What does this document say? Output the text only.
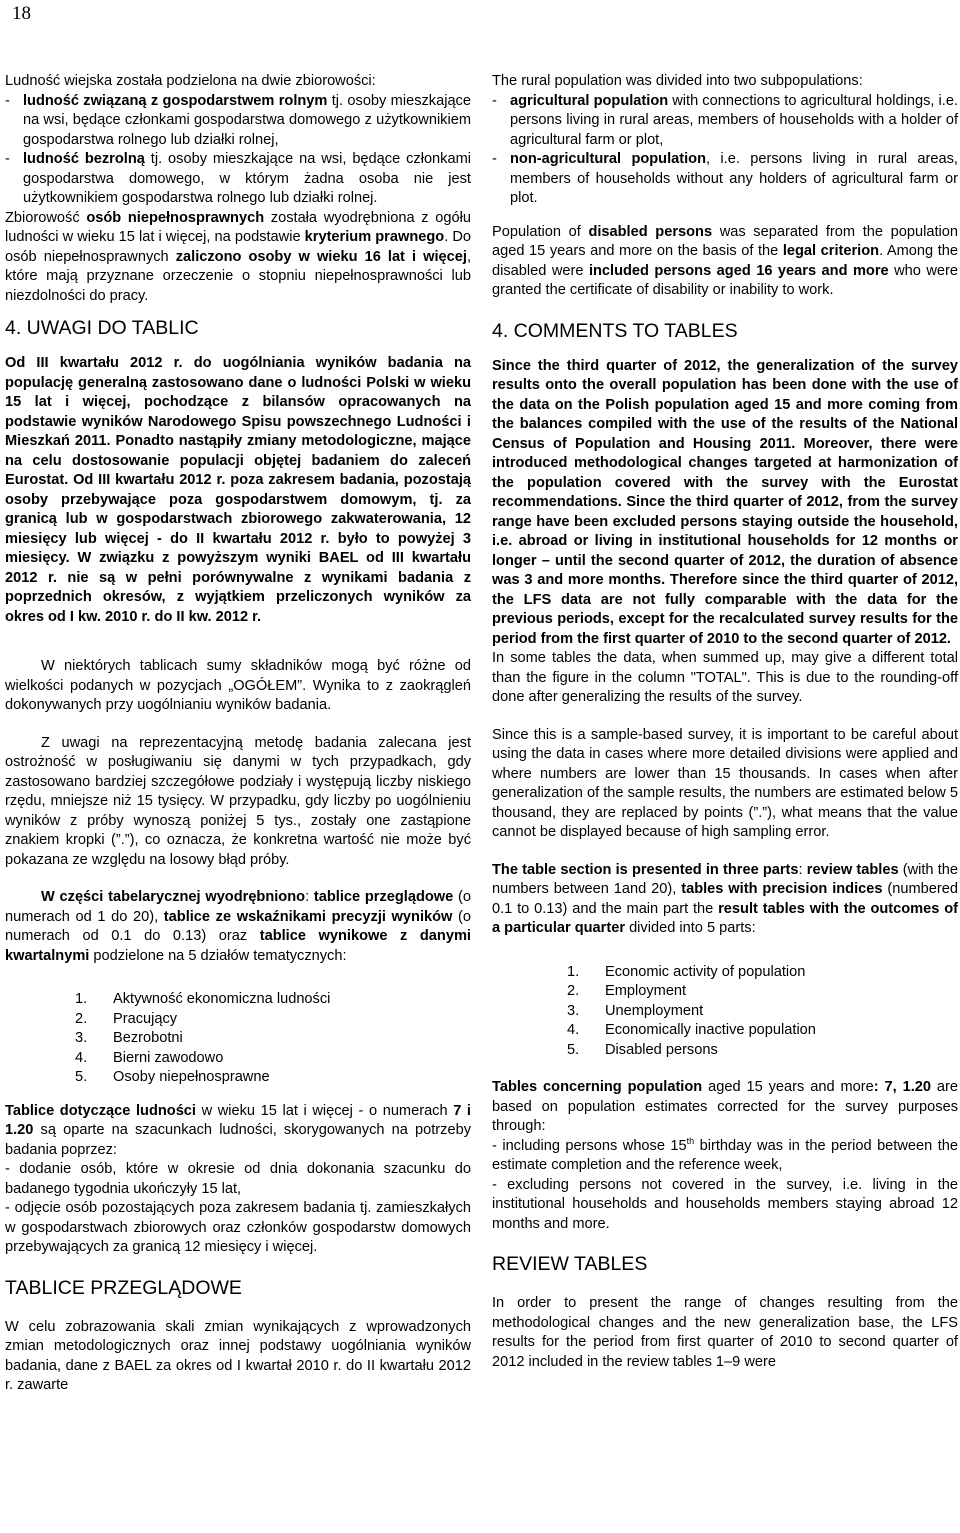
18

Ludność wiejska została podzielona na dwie zbiorowości:

- ludność związaną z gospodarstwem rolnym tj. osoby mieszkające na wsi, będące członkami gospodarstwa domowego z użytkownikiem gospodarstwa rolnego lub działki rolnej,
- ludność bezrolną tj. osoby mieszkające na wsi, będące członkami gospodarstwa domowego, w którym żadna osoba nie jest użytkownikiem gospodarstwa rolnego lub działki rolnej.

Zbiorowość osób niepełnosprawnych została wyodrębniona z ogółu ludności w wieku 15 lat i więcej, na podstawie kryterium prawnego. Do osób niepełnosprawnych zaliczono osoby w wieku 16 lat i więcej, które mają przyznane orzeczenie o stopniu niepełnosprawności lub niezdolności do pracy.

4. UWAGI DO TABLIC

Od III kwartału 2012 r. do uogólniania wyników badania na populację generalną zastosowano dane o ludności Polski w wieku 15 lat i więcej, pochodzące z bilansów opracowanych na podstawie wyników Narodowego Spisu powszechnego Ludności i Mieszkań 2011. Ponadto nastąpiły zmiany metodologiczne, mające na celu dostosowanie populacji objętej badaniem do zaleceń Eurostat. Od III kwartału 2012 r. poza zakresem badania, pozostają osoby przebywające poza gospodarstwem domowym, tj. za granicą lub w gospodarstwach zbiorowego zakwaterowania, 12 miesięcy lub więcej - do II kwartału 2012 r. było to powyżej 3 miesięcy. W związku z powyższym wyniki BAEL od III kwartału 2012 r. nie są w pełni porównywalne z wynikami badania z poprzednich okresów, z wyjątkiem przeliczonych wyników za okres od I kw. 2010 r. do II kw. 2012 r.

W niektórych tablicach sumy składników mogą być różne od wielkości podanych w pozycjach „OGÓŁEM”. Wynika to z zaokrągleń dokonywanych przy uogólnianiu wyników badania.

Z uwagi na reprezentacyjną metodę badania zalecana jest ostrożność w posługiwaniu się danymi w tych przypadkach, gdy zastosowano bardziej szczegółowe podziały i występują liczby niskiego rzędu, mniejsze niż 15 tysięcy. W przypadku, gdy liczby po uogólnieniu wyników z próby wynoszą poniżej 5 tys., zostały one zastąpione znakiem kropki (”.”), co oznacza, że konkretna wartość nie może być pokazana ze względu na losowy błąd próby.

W części tabelarycznej wyodrębniono: tablice przeglądowe (o numerach od 1 do 20), tablice ze wskaźnikami precyzji wyników (o numerach od 0.1 do 0.13) oraz tablice wynikowe z danymi kwartalnymi podzielone na 5 działów tematycznych:

1.	Aktywność ekonomiczna ludności
2.	Pracujący
3.	Bezrobotni
4.	Bierni zawodowo
5.	Osoby niepełnosprawne

Tablice dotyczące ludności w wieku 15 lat i więcej - o numerach 7 i 1.20 są oparte na szacunkach ludności, skorygowanych na potrzeby badania poprzez:

- dodanie osób, które w okresie od dnia dokonania szacunku do badanego tygodnia ukończyły 15 lat,

- odjęcie osób pozostających poza zakresem badania tj. zamieszkałych w gospodarstwach zbiorowych oraz członków gospodarstw domowych przebywających za granicą 12 miesięcy i więcej.

TABLICE PRZEGLĄDOWE

W celu zobrazowania skali zmian wynikających z wprowadzonych zmian metodologicznych oraz innej podstawy uogólniania wyników badania, dane z BAEL za okres od I kwartał 2010 r. do II kwartału 2012 r. zawarte

The rural population was divided into two subpopulations:

- agricultural population with connections to agricultural holdings, i.e. persons living in rural areas, members of households with a holder of agricultural farm or plot,
- non-agricultural population, i.e. persons living in rural areas, members of households without any holders of agricultural farm or plot.

Population of disabled persons was separated from the population aged 15 years and more on the basis of the legal criterion. Among the disabled were included persons aged 16 years and more who were granted the certificate of disability or inability to work.

4. COMMENTS TO TABLES

Since the third quarter of 2012, the generalization of the survey results onto the overall population has been done with the use of the data on the Polish population aged 15 and more coming from the balances compiled with the use of the results of the National Census of Population and Housing 2011. Moreover, there were introduced methodological changes targeted at harmonization of the population covered with the survey with the Eurostat recommendations. Since the third quarter of 2012, from the survey range have been excluded persons staying outside the household, i.e. abroad or living in institutional households for 12 months or longer – until the second quarter of 2012, the duration of absence was 3 and more months. Therefore since the third quarter of 2012, the LFS data are not fully comparable with the data for the previous periods, except for the recalculated survey results for the period from the first quarter of 2010 to the second quarter of 2012.

In some tables the data, when summed up, may give a different total than the figure in the column "TOTAL". This is due to the rounding-off done after generalizing the results of the survey.

Since this is a sample-based survey, it is important to be careful about using the data in cases where more detailed divisions were applied and where numbers are lower than 15 thousands. In cases when after generalization of the sample results, the numbers are estimated below 5 thousand, they are replaced by points (”.”), what means that the value cannot be displayed because of high sampling error.

The table section is presented in three parts: review tables (with the numbers between 1and 20), tables with precision indices (numbered 0.1 to 0.13) and the main part the result tables with the outcomes of a particular quarter divided into 5 parts:

1.	Economic activity of population
2.	Employment
3.	Unemployment
4.	Economically inactive population
5.	Disabled persons

Tables concerning population aged 15 years and more: 7, 1.20 are based on population estimates corrected for the survey purposes through:

- including persons whose 15th birthday was in the period between the estimate completion and the reference week,

- excluding persons not covered in the survey, i.e. living in the institutional households and households members staying abroad 12 months and more.

REVIEW TABLES

In order to present the range of changes resulting from the methodological changes and the new generalization base, the LFS results for the period from first quarter of 2010 to second quarter of 2012 included in the review tables 1–9 were
